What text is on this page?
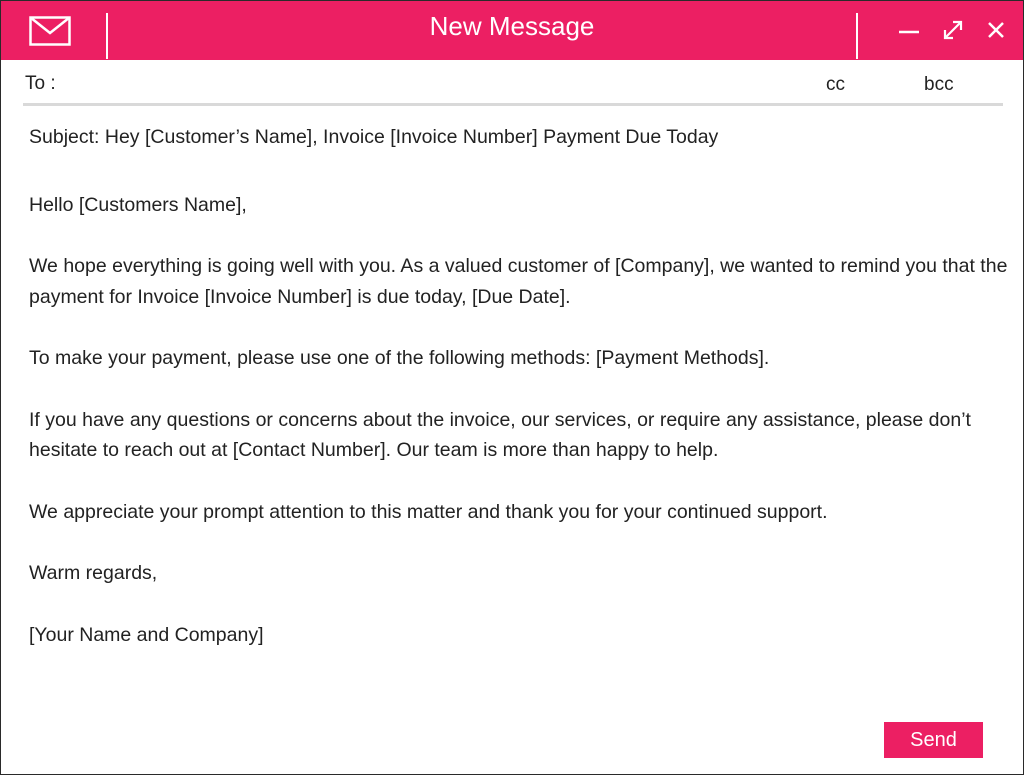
New Message
To :	cc	bcc

Subject: Hey [Customer’s Name], Invoice [Invoice Number] Payment Due Today

Hello [Customers Name],

We hope everything is going well with you. As a valued customer of [Company], we wanted to remind you that the payment for Invoice [Invoice Number] is due today, [Due Date].

To make your payment, please use one of the following methods: [Payment Methods].

If you have any questions or concerns about the invoice, our services, or require any assistance, please don’t hesitate to reach out at [Contact Number]. Our team is more than happy to help.

We appreciate your prompt attention to this matter and thank you for your continued support.

Warm regards,

[Your Name and Company]

Send
